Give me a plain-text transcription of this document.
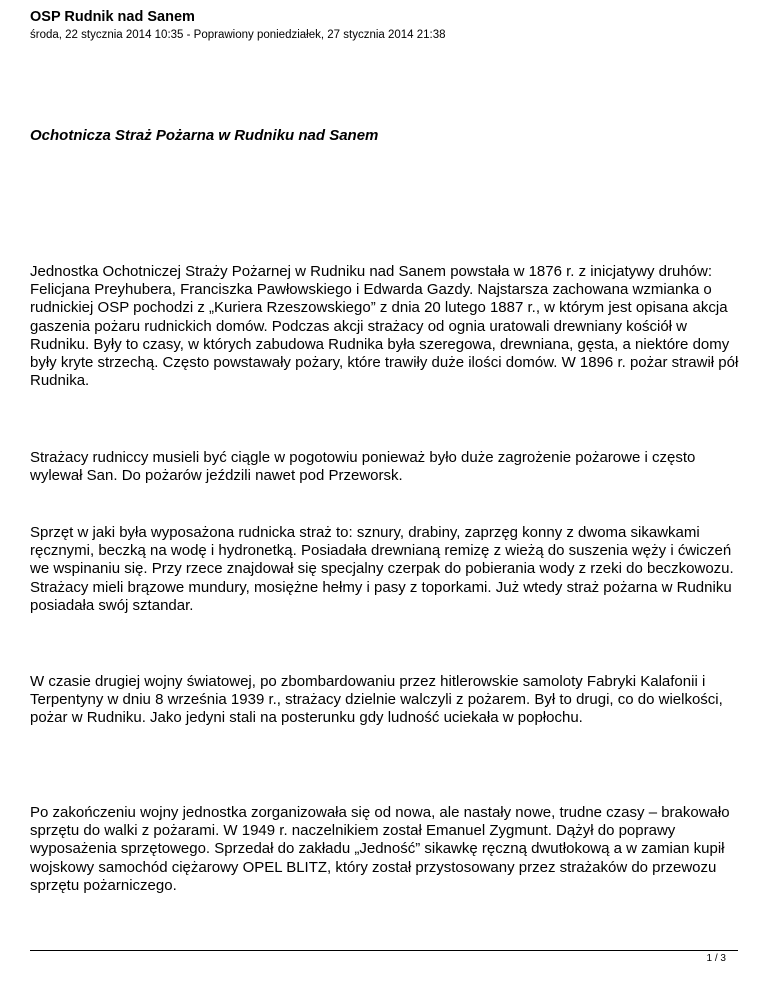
OSP Rudnik nad Sanem
środa, 22 stycznia 2014 10:35 - Poprawiony poniedziałek, 27 stycznia 2014 21:38
Ochotnicza Straż Pożarna w Rudniku nad Sanem

Jednostka Ochotniczej Straży Pożarnej w Rudniku nad Sanem powstała w 1876 r. z inicjatywy druhów: Felicjana Preyhubera, Franciszka Pawłowskiego i Edwarda Gazdy. Najstarsza zachowana wzmianka o rudnickiej OSP pochodzi z „Kuriera Rzeszowskiego” z dnia 20 lutego 1887 r., w którym jest opisana akcja gaszenia pożaru rudnickich domów. Podczas akcji strażacy od ognia uratowali drewniany kościół w Rudniku. Były to czasy, w których zabudowa Rudnika była szeregowa, drewniana, gęsta, a niektóre domy były kryte strzechą. Często powstawały pożary, które trawiły duże ilości domów. W 1896 r. pożar strawił pół Rudnika.

Strażacy rudniccy musieli być ciągle w pogotowiu ponieważ było duże zagrożenie pożarowe i często wylewał San. Do pożarów jeździli nawet pod Przeworsk.

Sprzęt w jaki była wyposażona rudnicka straż to: sznury, drabiny, zaprzęg konny z dwoma sikawkami ręcznymi, beczką na wodę i hydronetką. Posiadała drewnianą remizę z wieżą do suszenia węży i ćwiczeń we wspinaniu się. Przy rzece znajdował się specjalny czerpak do pobierania wody z rzeki do beczkowozu. Strażacy mieli brązowe mundury, mosiężne hełmy i pasy z toporkami. Już wtedy straż pożarna w Rudniku posiadała swój sztandar.

W czasie drugiej wojny światowej, po zbombardowaniu przez hitlerowskie samoloty Fabryki Kalafonii i Terpentyny w dniu 8 września 1939 r., strażacy dzielnie walczyli z pożarem. Był to drugi, co do wielkości, pożar w Rudniku. Jako jedyni stali na posterunku gdy ludność uciekała w popłochu.

Po zakończeniu wojny jednostka zorganizowała się od nowa, ale nastały nowe, trudne czasy – brakowało sprzętu do walki z pożarami. W 1949 r. naczelnikiem został Emanuel Zygmunt. Dążył do poprawy wyposażenia sprzętowego. Sprzedał do zakładu „Jedność” sikawkę ręczną dwutłokową a w zamian kupił wojskowy samochód ciężarowy OPEL BLITZ, który został przystosowany przez strażaków do przewozu sprzętu pożarniczego.

1 / 3
